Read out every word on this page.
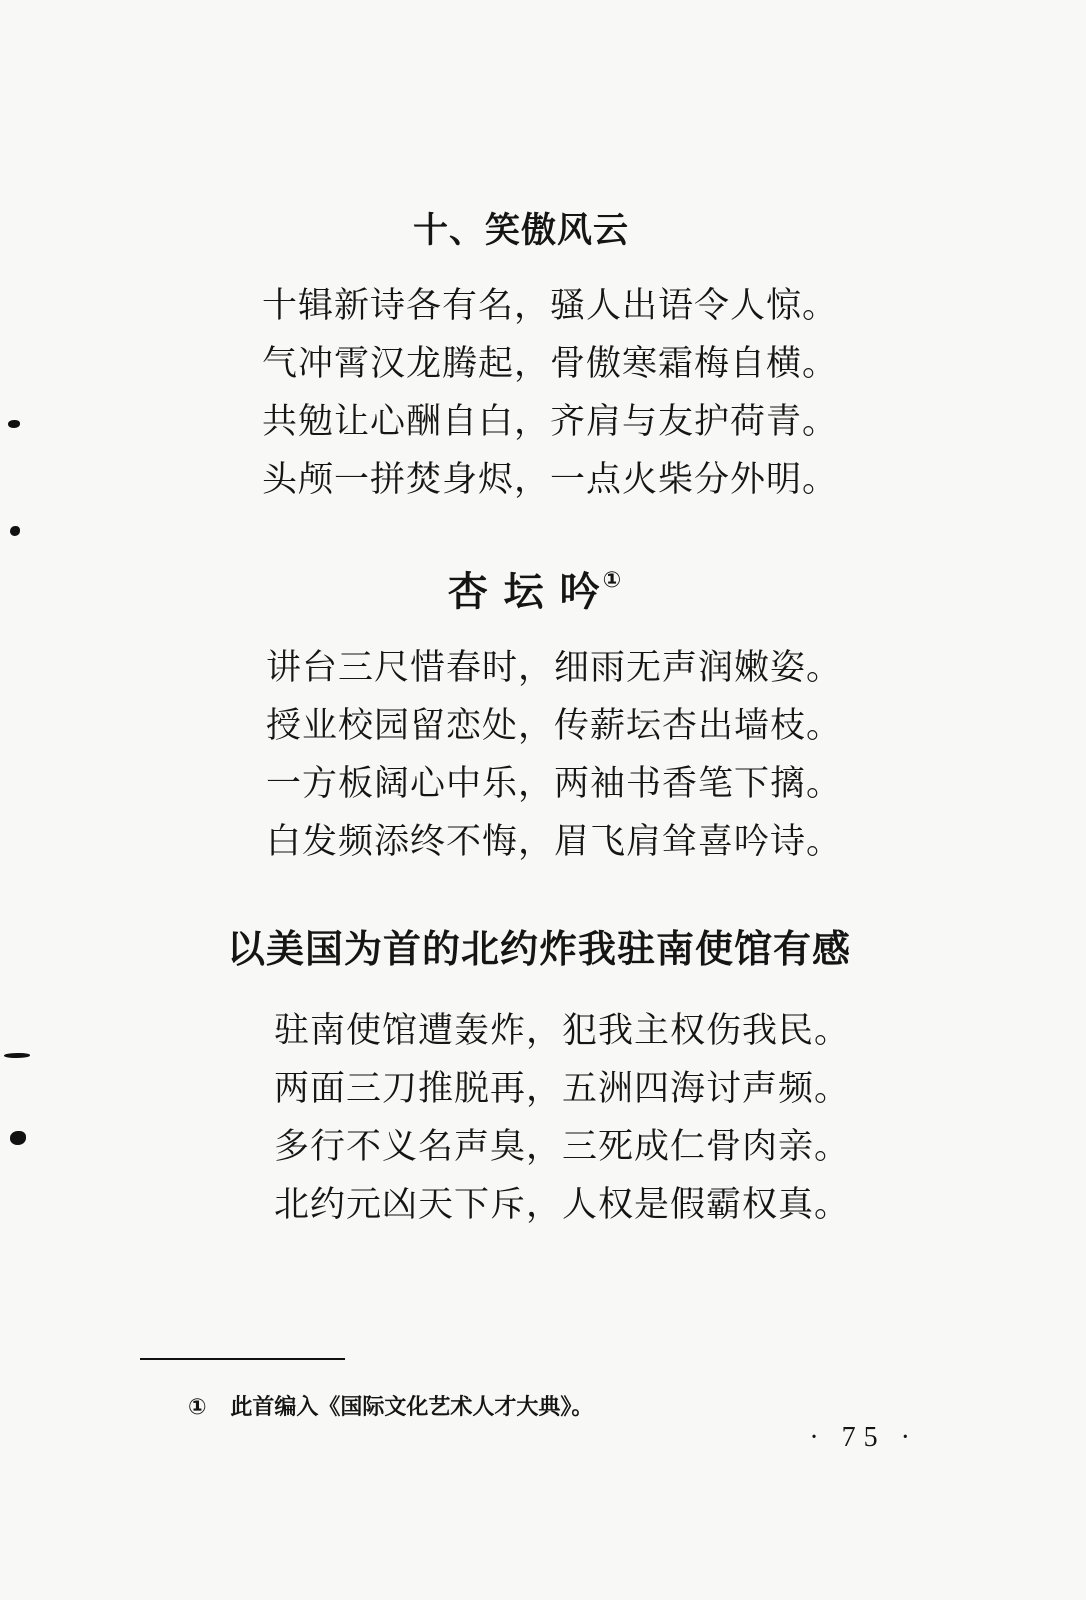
十、笑傲风云
十辑新诗各有名，骚人出语令人惊。
气冲霄汉龙腾起，骨傲寒霜梅自横。
共勉让心酬自白，齐肩与友护荷青。
头颅一拼焚身烬，一点火柴分外明。
杏 坛 吟①
讲台三尺惜春时，细雨无声润嫩姿。
授业校园留恋处，传薪坛杏出墙枝。
一方板阔心中乐，两袖书香笔下摛。
白发频添终不悔，眉飞肩耸喜吟诗。
以美国为首的北约炸我驻南使馆有感
驻南使馆遭轰炸，犯我主权伤我民。
两面三刀推脱再，五洲四海讨声频。
多行不义名声臭，三死成仁骨肉亲。
北约元凶天下斥，人权是假霸权真。
① 此首编入《国际文化艺术人才大典》。
· 75 ·
